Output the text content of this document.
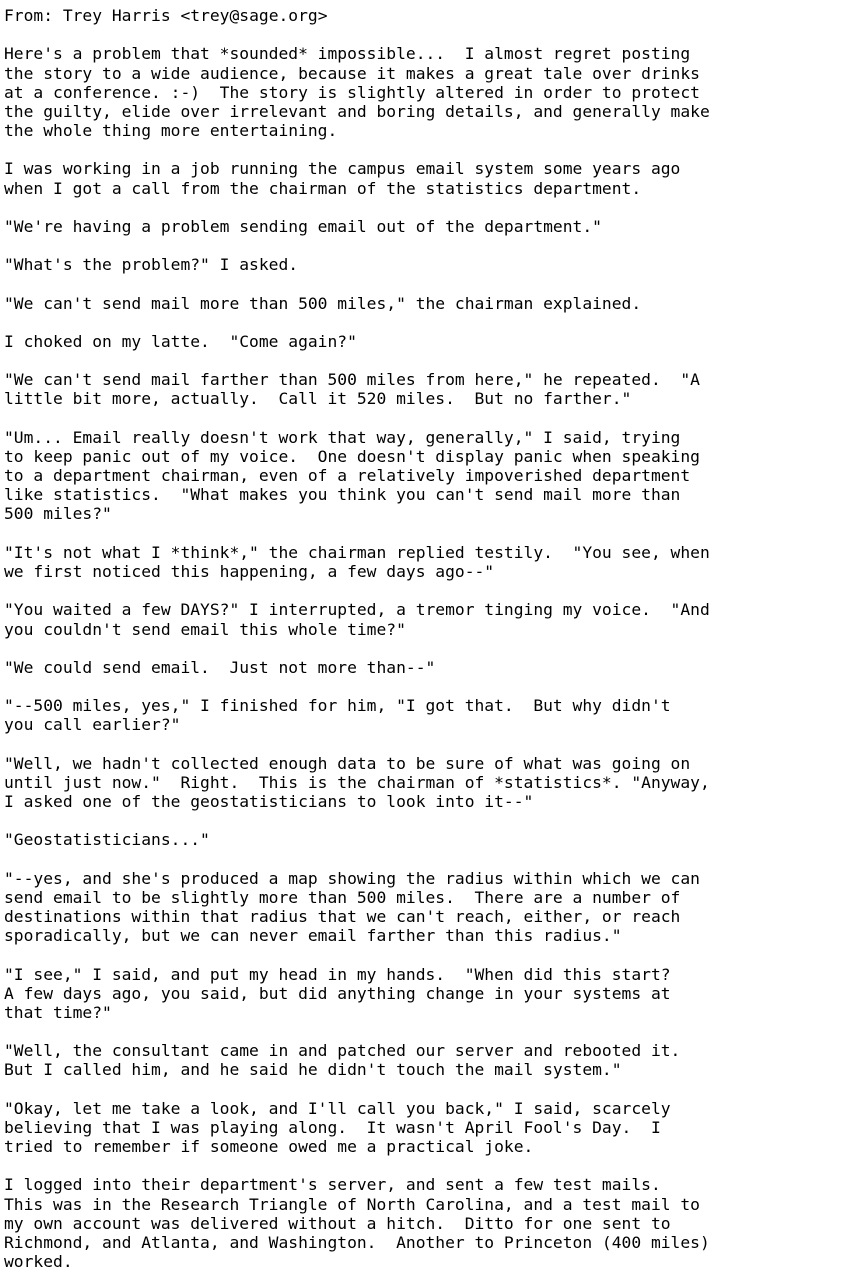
From: Trey Harris <trey@sage.org>
Here's a problem that *sounded* impossible...  I almost regret posting
the story to a wide audience, because it makes a great tale over drinks
at a conference. :-)  The story is slightly altered in order to protect
the guilty, elide over irrelevant and boring details, and generally make
the whole thing more entertaining.
I was working in a job running the campus email system some years ago
when I got a call from the chairman of the statistics department.
"We're having a problem sending email out of the department."
"What's the problem?" I asked.
"We can't send mail more than 500 miles," the chairman explained.
I choked on my latte.  "Come again?"
"We can't send mail farther than 500 miles from here," he repeated.  "A
little bit more, actually.  Call it 520 miles.  But no farther."
"Um... Email really doesn't work that way, generally," I said, trying
to keep panic out of my voice.  One doesn't display panic when speaking
to a department chairman, even of a relatively impoverished department
like statistics.  "What makes you think you can't send mail more than
500 miles?"
"It's not what I *think*," the chairman replied testily.  "You see, when
we first noticed this happening, a few days ago--"
"You waited a few DAYS?" I interrupted, a tremor tinging my voice.  "And
you couldn't send email this whole time?"
"We could send email.  Just not more than--"
"--500 miles, yes," I finished for him, "I got that.  But why didn't
you call earlier?"
"Well, we hadn't collected enough data to be sure of what was going on
until just now."  Right.  This is the chairman of *statistics*. "Anyway,
I asked one of the geostatisticians to look into it--"
"Geostatisticians..."
"--yes, and she's produced a map showing the radius within which we can
send email to be slightly more than 500 miles.  There are a number of
destinations within that radius that we can't reach, either, or reach
sporadically, but we can never email farther than this radius."
"I see," I said, and put my head in my hands.  "When did this start?
A few days ago, you said, but did anything change in your systems at
that time?"
"Well, the consultant came in and patched our server and rebooted it.
But I called him, and he said he didn't touch the mail system."
"Okay, let me take a look, and I'll call you back," I said, scarcely
believing that I was playing along.  It wasn't April Fool's Day.  I
tried to remember if someone owed me a practical joke.
I logged into their department's server, and sent a few test mails.
This was in the Research Triangle of North Carolina, and a test mail to
my own account was delivered without a hitch.  Ditto for one sent to
Richmond, and Atlanta, and Washington.  Another to Princeton (400 miles)
worked.
